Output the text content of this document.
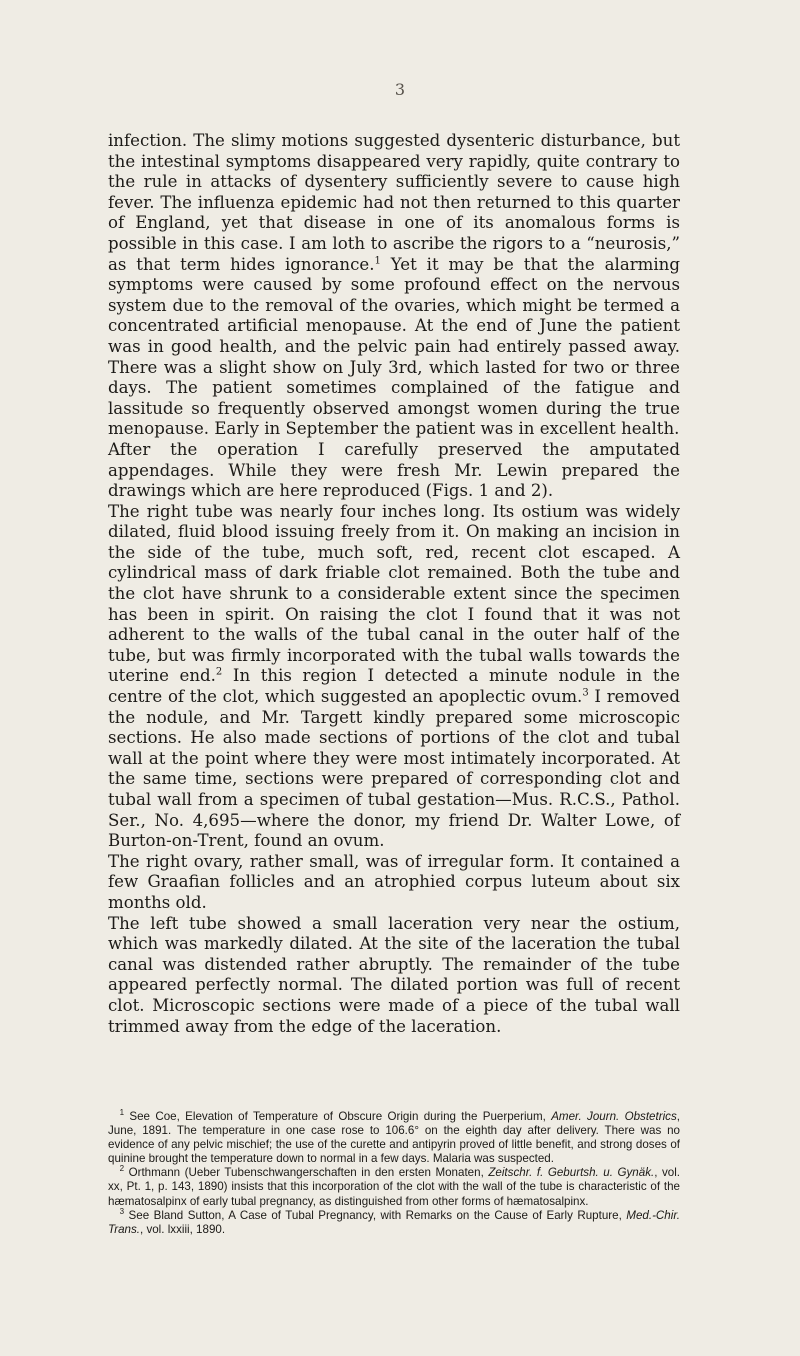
3

infection. The slimy motions suggested dysenteric disturbance, but the intestinal symptoms disappeared very rapidly, quite contrary to the rule in attacks of dysentery sufficiently severe to cause high fever. The influenza epidemic had not then returned to this quarter of England, yet that disease in one of its anomalous forms is possible in this case. I am loth to ascribe the rigors to a “neurosis,” as that term hides ignorance.$^1$ Yet it may be that the alarming symptoms were caused by some profound effect on the nervous system due to the removal of the ovaries, which might be termed a concentrated artificial menopause. At the end of June the patient was in good health, and the pelvic pain had entirely passed away. There was a slight show on July 3rd, which lasted for two or three days. The patient sometimes complained of the fatigue and lassitude so frequently observed amongst women during the true menopause. Early in September the patient was in excellent health.

After the operation I carefully preserved the amputated appendages. While they were fresh Mr. Lewin prepared the drawings which are here reproduced (Figs. 1 and 2).

The right tube was nearly four inches long. Its ostium was widely dilated, fluid blood issuing freely from it. On making an incision in the side of the tube, much soft, red, recent clot escaped. A cylindrical mass of dark friable clot remained. Both the tube and the clot have shrunk to a considerable extent since the specimen has been in spirit. On raising the clot I found that it was not adherent to the walls of the tubal canal in the outer half of the tube, but was firmly incorporated with the tubal walls towards the uterine end.$^2$ In this region I detected a minute nodule in the centre of the clot, which suggested an apoplectic ovum.$^3$ I removed the nodule, and Mr. Targett kindly prepared some microscopic sections. He also made sections of portions of the clot and tubal wall at the point where they were most intimately incorporated. At the same time, sections were prepared of corresponding clot and tubal wall from a specimen of tubal gestation—Mus. R.C.S., Pathol. Ser., No. 4,695—where the donor, my friend Dr. Walter Lowe, of Burton-on-Trent, found an ovum.

The right ovary, rather small, was of irregular form. It contained a few Graafian follicles and an atrophied corpus luteum about six months old.

The left tube showed a small laceration very near the ostium, which was markedly dilated. At the site of the laceration the tubal canal was distended rather abruptly. The remainder of the tube appeared perfectly normal. The dilated portion was full of recent clot. Microscopic sections were made of a piece of the tubal wall trimmed away from the edge of the laceration.

$^1$ See Coe, Elevation of Temperature of Obscure Origin during the Puerperium, Amer. Journ. Obstetrics, June, 1891. The temperature in one case rose to 106.6° on the eighth day after delivery. There was no evidence of any pelvic mischief; the use of the curette and antipyrin proved of little benefit, and strong doses of quinine brought the temperature down to normal in a few days. Malaria was suspected.

$^2$ Orthmann (Ueber Tubenschwangerschaften in den ersten Monaten, Zeitschr. f. Geburtsh. u. Gynäk., vol. xx, Pt. 1, p. 143, 1890) insists that this incorporation of the clot with the wall of the tube is characteristic of the hæmatosalpinx of early tubal pregnancy, as distinguished from other forms of hæmatosalpinx.

$^3$ See Bland Sutton, A Case of Tubal Pregnancy, with Remarks on the Cause of Early Rupture, Med.-Chir. Trans., vol. lxxiii, 1890.
